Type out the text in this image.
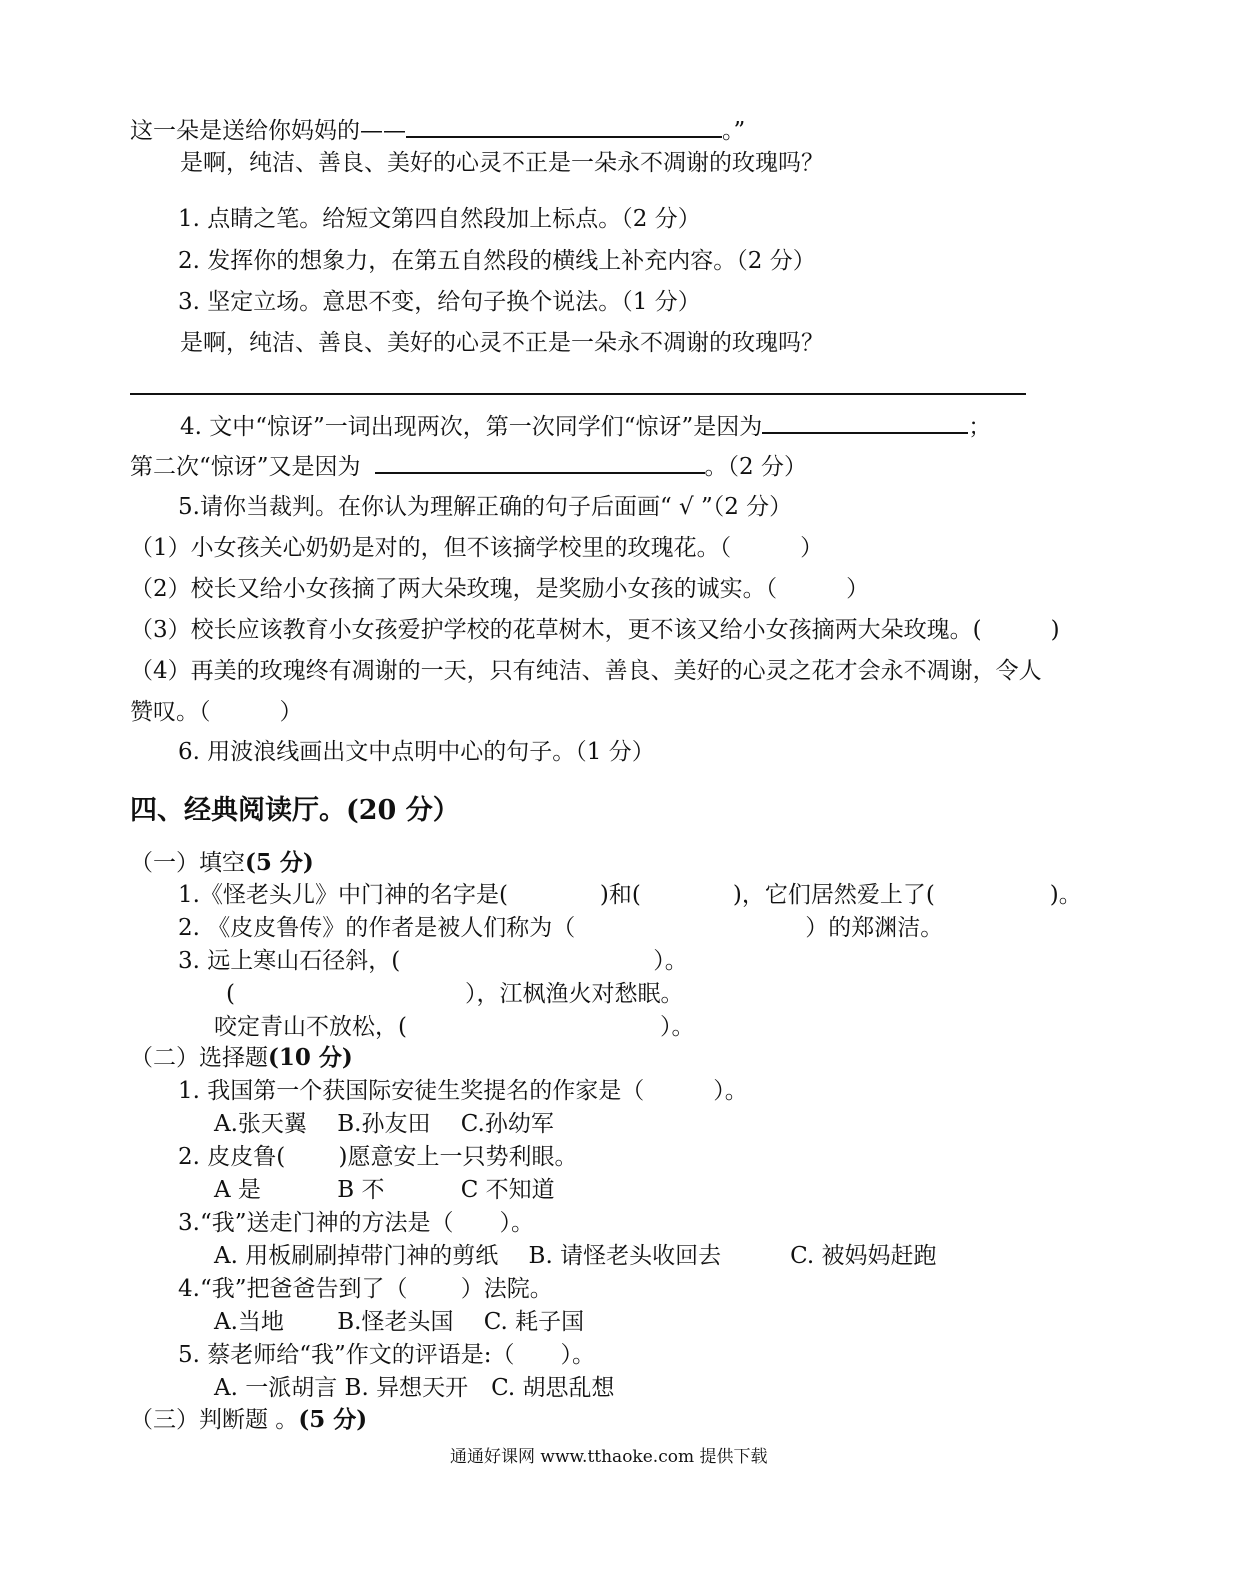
这一朵是送给你妈妈的——	。”
是啊，纯洁、善良、美好的心灵不正是一朵永不凋谢的玫瑰吗？
1. 点睛之笔。给短文第四自然段加上标点。（2 分）
2. 发挥你的想象力，在第五自然段的横线上补充内容。（2 分）
3. 坚定立场。意思不变，给句子换个说法。（1 分）
是啊，纯洁、善良、美好的心灵不正是一朵永不凋谢的玫瑰吗？
4. 文中“惊讶”一词出现两次，第一次同学们“惊讶”是因为	；
第二次“惊讶”又是因为	。（2 分）
5.请你当裁判。在你认为理解正确的句子后面画“ √ ”（2 分）
（1）小女孩关心奶奶是对的，但不该摘学校里的玫瑰花。（　　　）
（2）校长又给小女孩摘了两大朵玫瑰，是奖励小女孩的诚实。（　　　）
（3）校长应该教育小女孩爱护学校的花草树木，更不该又给小女孩摘两大朵玫瑰。(　　　)
（4）再美的玫瑰终有凋谢的一天，只有纯洁、善良、美好的心灵之花才会永不凋谢，令人
赞叹。（　　　）
6. 用波浪线画出文中点明中心的句子。（1 分）
四、经典阅读厅。(20 分）
（一）填空(5 分)
1.《怪老头儿》中门神的名字是(　　　　)和(　　　　)，它们居然爱上了(　　　　　)。
2. 《皮皮鲁传》的作者是被人们称为（　　　　　　　　　　）的郑渊洁。
3. 远上寒山石径斜，(　　　　　　　　　　　）。
(　　　　　　　　　　），江枫渔火对愁眠。
咬定青山不放松，(　　　　　　　　　　　）。
（二）选择题(10 分)
1. 我国第一个获国际安徒生奖提名的作家是（　　　）。
A.张天翼　 B.孙友田　 C.孙幼军
2. 皮皮鲁(　　 )愿意安上一只势利眼。
A 是　　　 B 不　　　 C 不知道
3.“我”送走门神的方法是（　　）。
A. 用板刷刷掉带门神的剪纸　 B. 请怪老头收回去　　　C. 被妈妈赶跑
4.“我”把爸爸告到了（　　 ）法院。
A.当地　　 B.怪老头国　 C. 耗子国
5. 蔡老师给“我”作文的评语是:（　　）。
A. 一派胡言 B. 异想天开　C. 胡思乱想
（三）判断题 。(5 分)
通通好课网 www.tthaoke.com 提供下载
